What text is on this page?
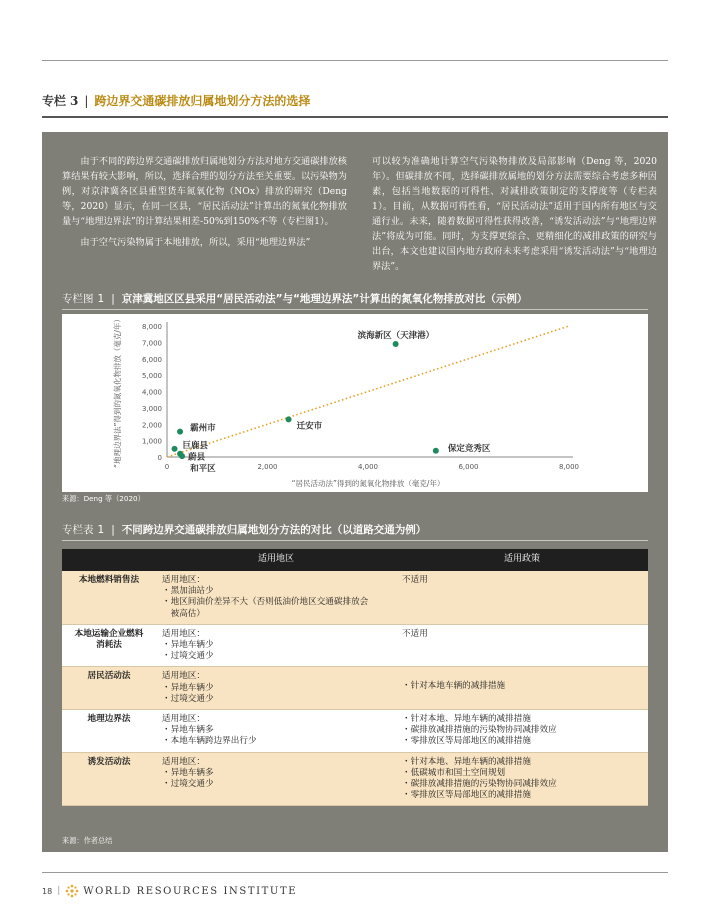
专栏 3 | 跨边界交通碳排放归属地划分方法的选择

由于不同的跨边界交通碳排放归属地划分方法对地方交通碳排放核算结果有较大影响，所以，选择合理的划分方法至关重要。以污染物为例，对京津冀各区县重型货车氮氧化物（NOx）排放的研究（Deng 等，2020）显示，在同一区县，“居民活动法”计算出的氮氧化物排放量与“地理边界法”的计算结果相差-50%到150%不等（专栏图1）。

由于空气污染物属于本地排放，所以，采用“地理边界法”

可以较为准确地计算空气污染物排放及局部影响（Deng 等，2020年）。但碳排放不同，选择碳排放属地的划分方法需要综合考虑多种因素，包括当地数据的可得性、对减排政策制定的支撑度等（专栏表1）。目前，从数据可得性看，“居民活动法”适用于国内所有地区与交通行业。未来，随着数据可得性获得改善，“诱发活动法”与“地理边界法”将成为可能。同时，为支撑更综合、更精细化的减排政策的研究与出台，本文也建议国内地方政府未来考虑采用“诱发活动法”与“地理边界法”。

专栏图 1 | 京津冀地区区县采用“居民活动法”与“地理边界法”计算出的氮氧化物排放对比（示例）
0
1,000
2,000
3,000
4,000
5,000
6,000
7,000
8,000
0	2,000	4,000	6,000	8,000
滨海新区（天津港）
霸州市	迁安市
巨鹿县
蔚县
和平区
保定竞秀区
“居民活动法”得到的氮氧化物排放（毫克/年）
“地理边界法”得到的氮氧化物排放（毫克/年）
来源：Deng 等（2020）
专栏表 1 | 不同跨边界交通碳排放归属地划分方法的对比（以道路交通为例）
	适用地区	适用政策
本地燃料销售法	适用地区：
・黑加油站少
・地区间油价差异不大（否则低油价地区交通碳排放会
　被高估）	不适用

本地运输企业燃料消耗法	适用地区：
・异地车辆少
・过境交通少	不适用

居民活动法	适用地区：
・异地车辆少
・过境交通少	・针对本地车辆的减排措施

地理边界法	适用地区：
・异地车辆多
・本地车辆跨边界出行少	・针对本地、异地车辆的减排措施
・碳排放减排措施的污染物协同减排效应
・零排放区等局部地区的减排措施

诱发活动法	适用地区：
・异地车辆多
・过境交通少	・针对本地、异地车辆的减排措施
・低碳城市和国土空间规划
・碳排放减排措施的污染物协同减排效应
・零排放区等局部地区的减排措施
来源：作者总结
18 | WORLD RESOURCES INSTITUTE
